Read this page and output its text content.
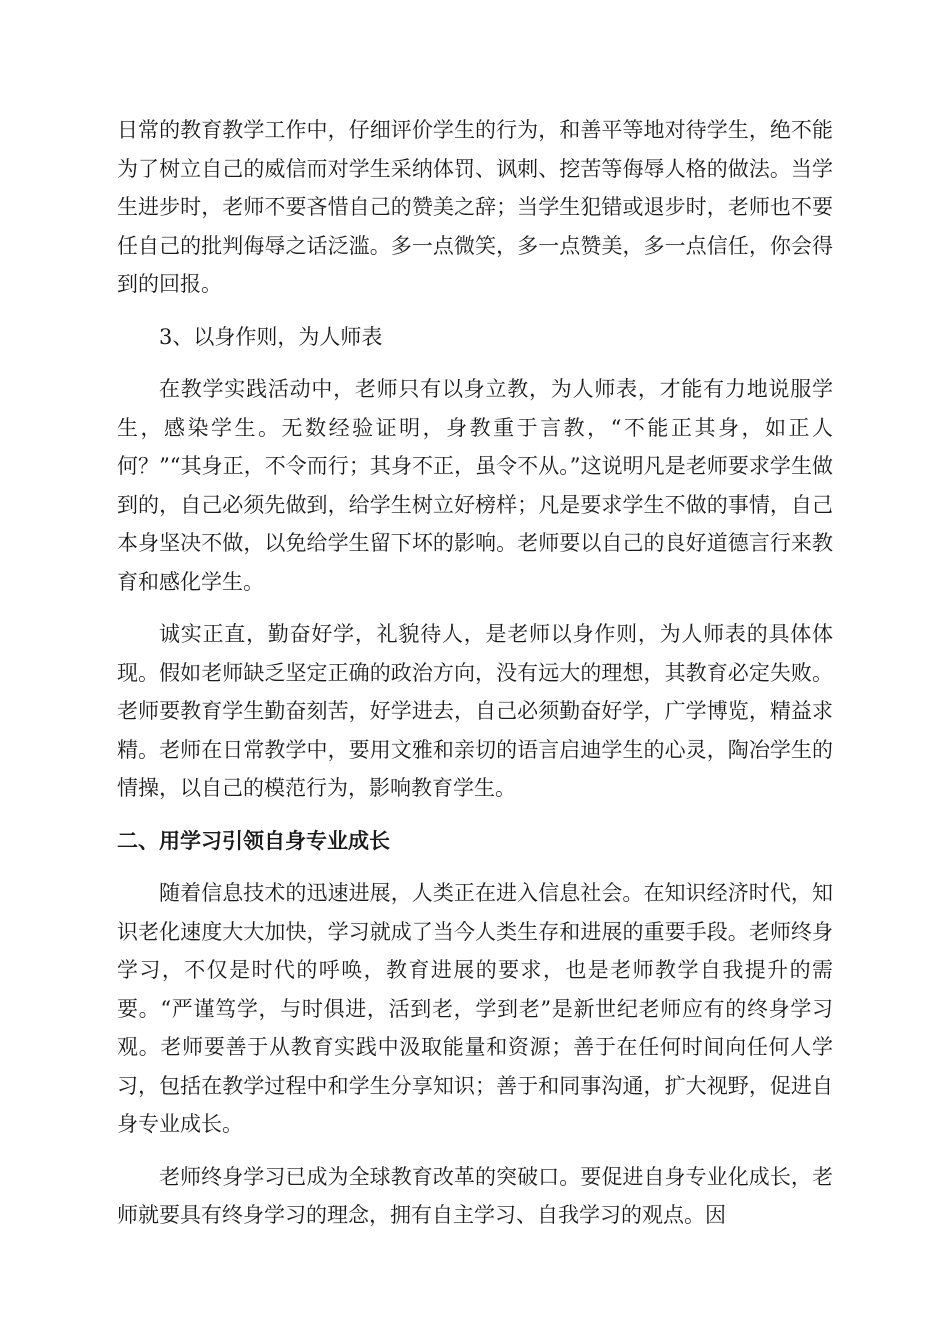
日常的教育教学工作中，仔细评价学生的行为，和善平等地对待学生，绝不能为了树立自己的威信而对学生采纳体罚、讽刺、挖苦等侮辱人格的做法。当学生进步时，老师不要吝惜自己的赞美之辞；当学生犯错或退步时，老师也不要任自己的批判侮辱之话泛滥。多一点微笑，多一点赞美，多一点信任，你会得到的回报。

3、以身作则，为人师表

在教学实践活动中，老师只有以身立教，为人师表，才能有力地说服学生，感染学生。无数经验证明，身教重于言教，“不能正其身，如正人何？”“其身正，不令而行；其身不正，虽令不从。”这说明凡是老师要求学生做到的，自己必须先做到，给学生树立好榜样；凡是要求学生不做的事情，自己本身坚决不做，以免给学生留下坏的影响。老师要以自己的良好道德言行来教育和感化学生。

诚实正直，勤奋好学，礼貌待人，是老师以身作则，为人师表的具体体现。假如老师缺乏坚定正确的政治方向，没有远大的理想，其教育必定失败。老师要教育学生勤奋刻苦，好学进去，自己必须勤奋好学，广学博览，精益求精。老师在日常教学中，要用文雅和亲切的语言启迪学生的心灵，陶冶学生的情操，以自己的模范行为，影响教育学生。

二、用学习引领自身专业成长

随着信息技术的迅速进展，人类正在进入信息社会。在知识经济时代，知识老化速度大大加快，学习就成了当今人类生存和进展的重要手段。老师终身学习，不仅是时代的呼唤，教育进展的要求，也是老师教学自我提升的需要。“严谨笃学，与时俱进，活到老，学到老”是新世纪老师应有的终身学习观。老师要善于从教育实践中汲取能量和资源；善于在任何时间向任何人学习，包括在教学过程中和学生分享知识；善于和同事沟通，扩大视野，促进自身专业成长。

老师终身学习已成为全球教育改革的突破口。要促进自身专业化成长，老师就要具有终身学习的理念，拥有自主学习、自我学习的观点。因
